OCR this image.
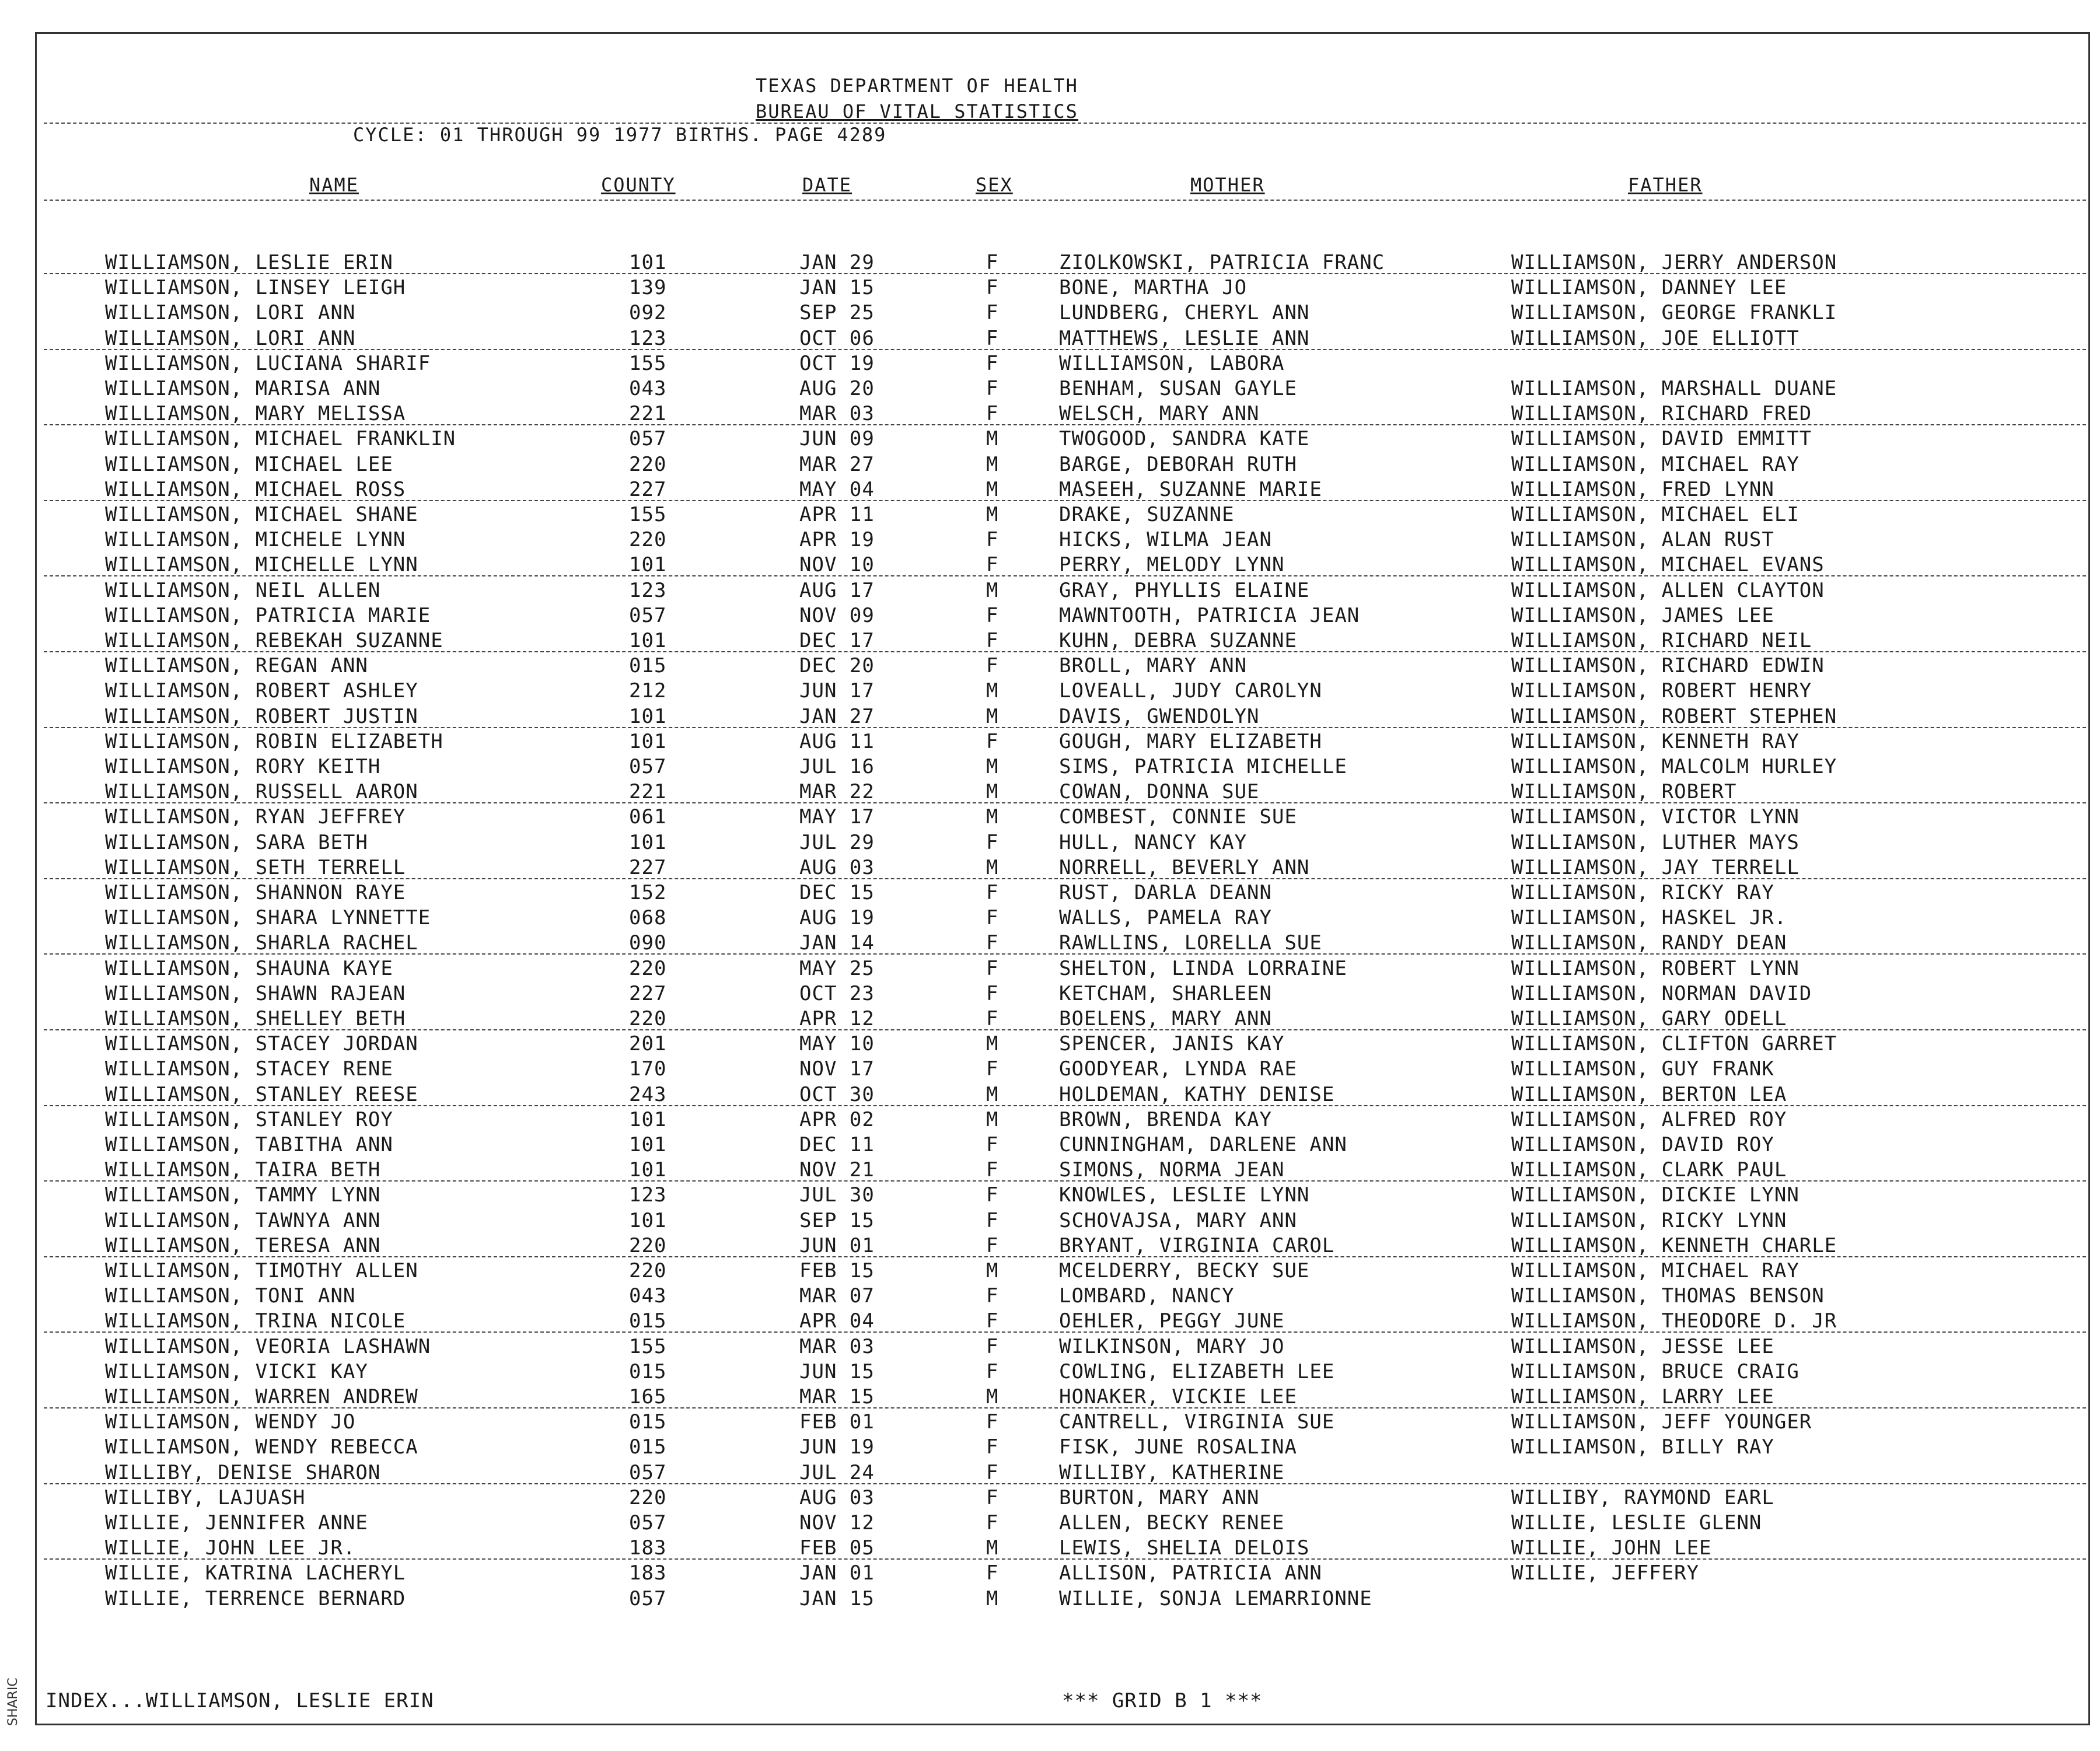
SHARIC
TEXAS DEPARTMENT OF HEALTH
BUREAU OF VITAL STATISTICS
CYCLE: 01 THROUGH 99 1977 BIRTHS. PAGE 4289
NAME	COUNTY	DATE	SEX	MOTHER	FATHER
WILLIAMSON, LESLIE ERIN	101	JAN 29	F	ZIOLKOWSKI, PATRICIA FRANC	WILLIAMSON, JERRY ANDERSON
WILLIAMSON, LINSEY LEIGH	139	JAN 15	F	BONE, MARTHA JO	WILLIAMSON, DANNEY LEE
WILLIAMSON, LORI ANN	092	SEP 25	F	LUNDBERG, CHERYL ANN	WILLIAMSON, GEORGE FRANKLI
WILLIAMSON, LORI ANN	123	OCT 06	F	MATTHEWS, LESLIE ANN	WILLIAMSON, JOE ELLIOTT
WILLIAMSON, LUCIANA SHARIF	155	OCT 19	F	WILLIAMSON, LABORA
WILLIAMSON, MARISA ANN	043	AUG 20	F	BENHAM, SUSAN GAYLE	WILLIAMSON, MARSHALL DUANE
WILLIAMSON, MARY MELISSA	221	MAR 03	F	WELSCH, MARY ANN	WILLIAMSON, RICHARD FRED
WILLIAMSON, MICHAEL FRANKLIN	057	JUN 09	M	TWOGOOD, SANDRA KATE	WILLIAMSON, DAVID EMMITT
WILLIAMSON, MICHAEL LEE	220	MAR 27	M	BARGE, DEBORAH RUTH	WILLIAMSON, MICHAEL RAY
WILLIAMSON, MICHAEL ROSS	227	MAY 04	M	MASEEH, SUZANNE MARIE	WILLIAMSON, FRED LYNN
WILLIAMSON, MICHAEL SHANE	155	APR 11	M	DRAKE, SUZANNE	WILLIAMSON, MICHAEL ELI
WILLIAMSON, MICHELE LYNN	220	APR 19	F	HICKS, WILMA JEAN	WILLIAMSON, ALAN RUST
WILLIAMSON, MICHELLE LYNN	101	NOV 10	F	PERRY, MELODY LYNN	WILLIAMSON, MICHAEL EVANS
WILLIAMSON, NEIL ALLEN	123	AUG 17	M	GRAY, PHYLLIS ELAINE	WILLIAMSON, ALLEN CLAYTON
WILLIAMSON, PATRICIA MARIE	057	NOV 09	F	MAWNTOOTH, PATRICIA JEAN	WILLIAMSON, JAMES LEE
WILLIAMSON, REBEKAH SUZANNE	101	DEC 17	F	KUHN, DEBRA SUZANNE	WILLIAMSON, RICHARD NEIL
WILLIAMSON, REGAN ANN	015	DEC 20	F	BROLL, MARY ANN	WILLIAMSON, RICHARD EDWIN
WILLIAMSON, ROBERT ASHLEY	212	JUN 17	M	LOVEALL, JUDY CAROLYN	WILLIAMSON, ROBERT HENRY
WILLIAMSON, ROBERT JUSTIN	101	JAN 27	M	DAVIS, GWENDOLYN	WILLIAMSON, ROBERT STEPHEN
WILLIAMSON, ROBIN ELIZABETH	101	AUG 11	F	GOUGH, MARY ELIZABETH	WILLIAMSON, KENNETH RAY
WILLIAMSON, RORY KEITH	057	JUL 16	M	SIMS, PATRICIA MICHELLE	WILLIAMSON, MALCOLM HURLEY
WILLIAMSON, RUSSELL AARON	221	MAR 22	M	COWAN, DONNA SUE	WILLIAMSON, ROBERT
WILLIAMSON, RYAN JEFFREY	061	MAY 17	M	COMBEST, CONNIE SUE	WILLIAMSON, VICTOR LYNN
WILLIAMSON, SARA BETH	101	JUL 29	F	HULL, NANCY KAY	WILLIAMSON, LUTHER MAYS
WILLIAMSON, SETH TERRELL	227	AUG 03	M	NORRELL, BEVERLY ANN	WILLIAMSON, JAY TERRELL
WILLIAMSON, SHANNON RAYE	152	DEC 15	F	RUST, DARLA DEANN	WILLIAMSON, RICKY RAY
WILLIAMSON, SHARA LYNNETTE	068	AUG 19	F	WALLS, PAMELA RAY	WILLIAMSON, HASKEL JR.
WILLIAMSON, SHARLA RACHEL	090	JAN 14	F	RAWLLINS, LORELLA SUE	WILLIAMSON, RANDY DEAN
WILLIAMSON, SHAUNA KAYE	220	MAY 25	F	SHELTON, LINDA LORRAINE	WILLIAMSON, ROBERT LYNN
WILLIAMSON, SHAWN RAJEAN	227	OCT 23	F	KETCHAM, SHARLEEN	WILLIAMSON, NORMAN DAVID
WILLIAMSON, SHELLEY BETH	220	APR 12	F	BOELENS, MARY ANN	WILLIAMSON, GARY ODELL
WILLIAMSON, STACEY JORDAN	201	MAY 10	M	SPENCER, JANIS KAY	WILLIAMSON, CLIFTON GARRET
WILLIAMSON, STACEY RENE	170	NOV 17	F	GOODYEAR, LYNDA RAE	WILLIAMSON, GUY FRANK
WILLIAMSON, STANLEY REESE	243	OCT 30	M	HOLDEMAN, KATHY DENISE	WILLIAMSON, BERTON LEA
WILLIAMSON, STANLEY ROY	101	APR 02	M	BROWN, BRENDA KAY	WILLIAMSON, ALFRED ROY
WILLIAMSON, TABITHA ANN	101	DEC 11	F	CUNNINGHAM, DARLENE ANN	WILLIAMSON, DAVID ROY
WILLIAMSON, TAIRA BETH	101	NOV 21	F	SIMONS, NORMA JEAN	WILLIAMSON, CLARK PAUL
WILLIAMSON, TAMMY LYNN	123	JUL 30	F	KNOWLES, LESLIE LYNN	WILLIAMSON, DICKIE LYNN
WILLIAMSON, TAWNYA ANN	101	SEP 15	F	SCHOVAJSA, MARY ANN	WILLIAMSON, RICKY LYNN
WILLIAMSON, TERESA ANN	220	JUN 01	F	BRYANT, VIRGINIA CAROL	WILLIAMSON, KENNETH CHARLE
WILLIAMSON, TIMOTHY ALLEN	220	FEB 15	M	MCELDERRY, BECKY SUE	WILLIAMSON, MICHAEL RAY
WILLIAMSON, TONI ANN	043	MAR 07	F	LOMBARD, NANCY	WILLIAMSON, THOMAS BENSON
WILLIAMSON, TRINA NICOLE	015	APR 04	F	OEHLER, PEGGY JUNE	WILLIAMSON, THEODORE D. JR
WILLIAMSON, VEORIA LASHAWN	155	MAR 03	F	WILKINSON, MARY JO	WILLIAMSON, JESSE LEE
WILLIAMSON, VICKI KAY	015	JUN 15	F	COWLING, ELIZABETH LEE	WILLIAMSON, BRUCE CRAIG
WILLIAMSON, WARREN ANDREW	165	MAR 15	M	HONAKER, VICKIE LEE	WILLIAMSON, LARRY LEE
WILLIAMSON, WENDY JO	015	FEB 01	F	CANTRELL, VIRGINIA SUE	WILLIAMSON, JEFF YOUNGER
WILLIAMSON, WENDY REBECCA	015	JUN 19	F	FISK, JUNE ROSALINA	WILLIAMSON, BILLY RAY
WILLIBY, DENISE SHARON	057	JUL 24	F	WILLIBY, KATHERINE
WILLIBY, LAJUASH	220	AUG 03	F	BURTON, MARY ANN	WILLIBY, RAYMOND EARL
WILLIE, JENNIFER ANNE	057	NOV 12	F	ALLEN, BECKY RENEE	WILLIE, LESLIE GLENN
WILLIE, JOHN LEE JR.	183	FEB 05	M	LEWIS, SHELIA DELOIS	WILLIE, JOHN LEE
WILLIE, KATRINA LACHERYL	183	JAN 01	F	ALLISON, PATRICIA ANN	WILLIE, JEFFERY
WILLIE, TERRENCE BERNARD	057	JAN 15	M	WILLIE, SONJA LEMARRIONNE
INDEX...WILLIAMSON, LESLIE ERIN	*** GRID B 1 ***
